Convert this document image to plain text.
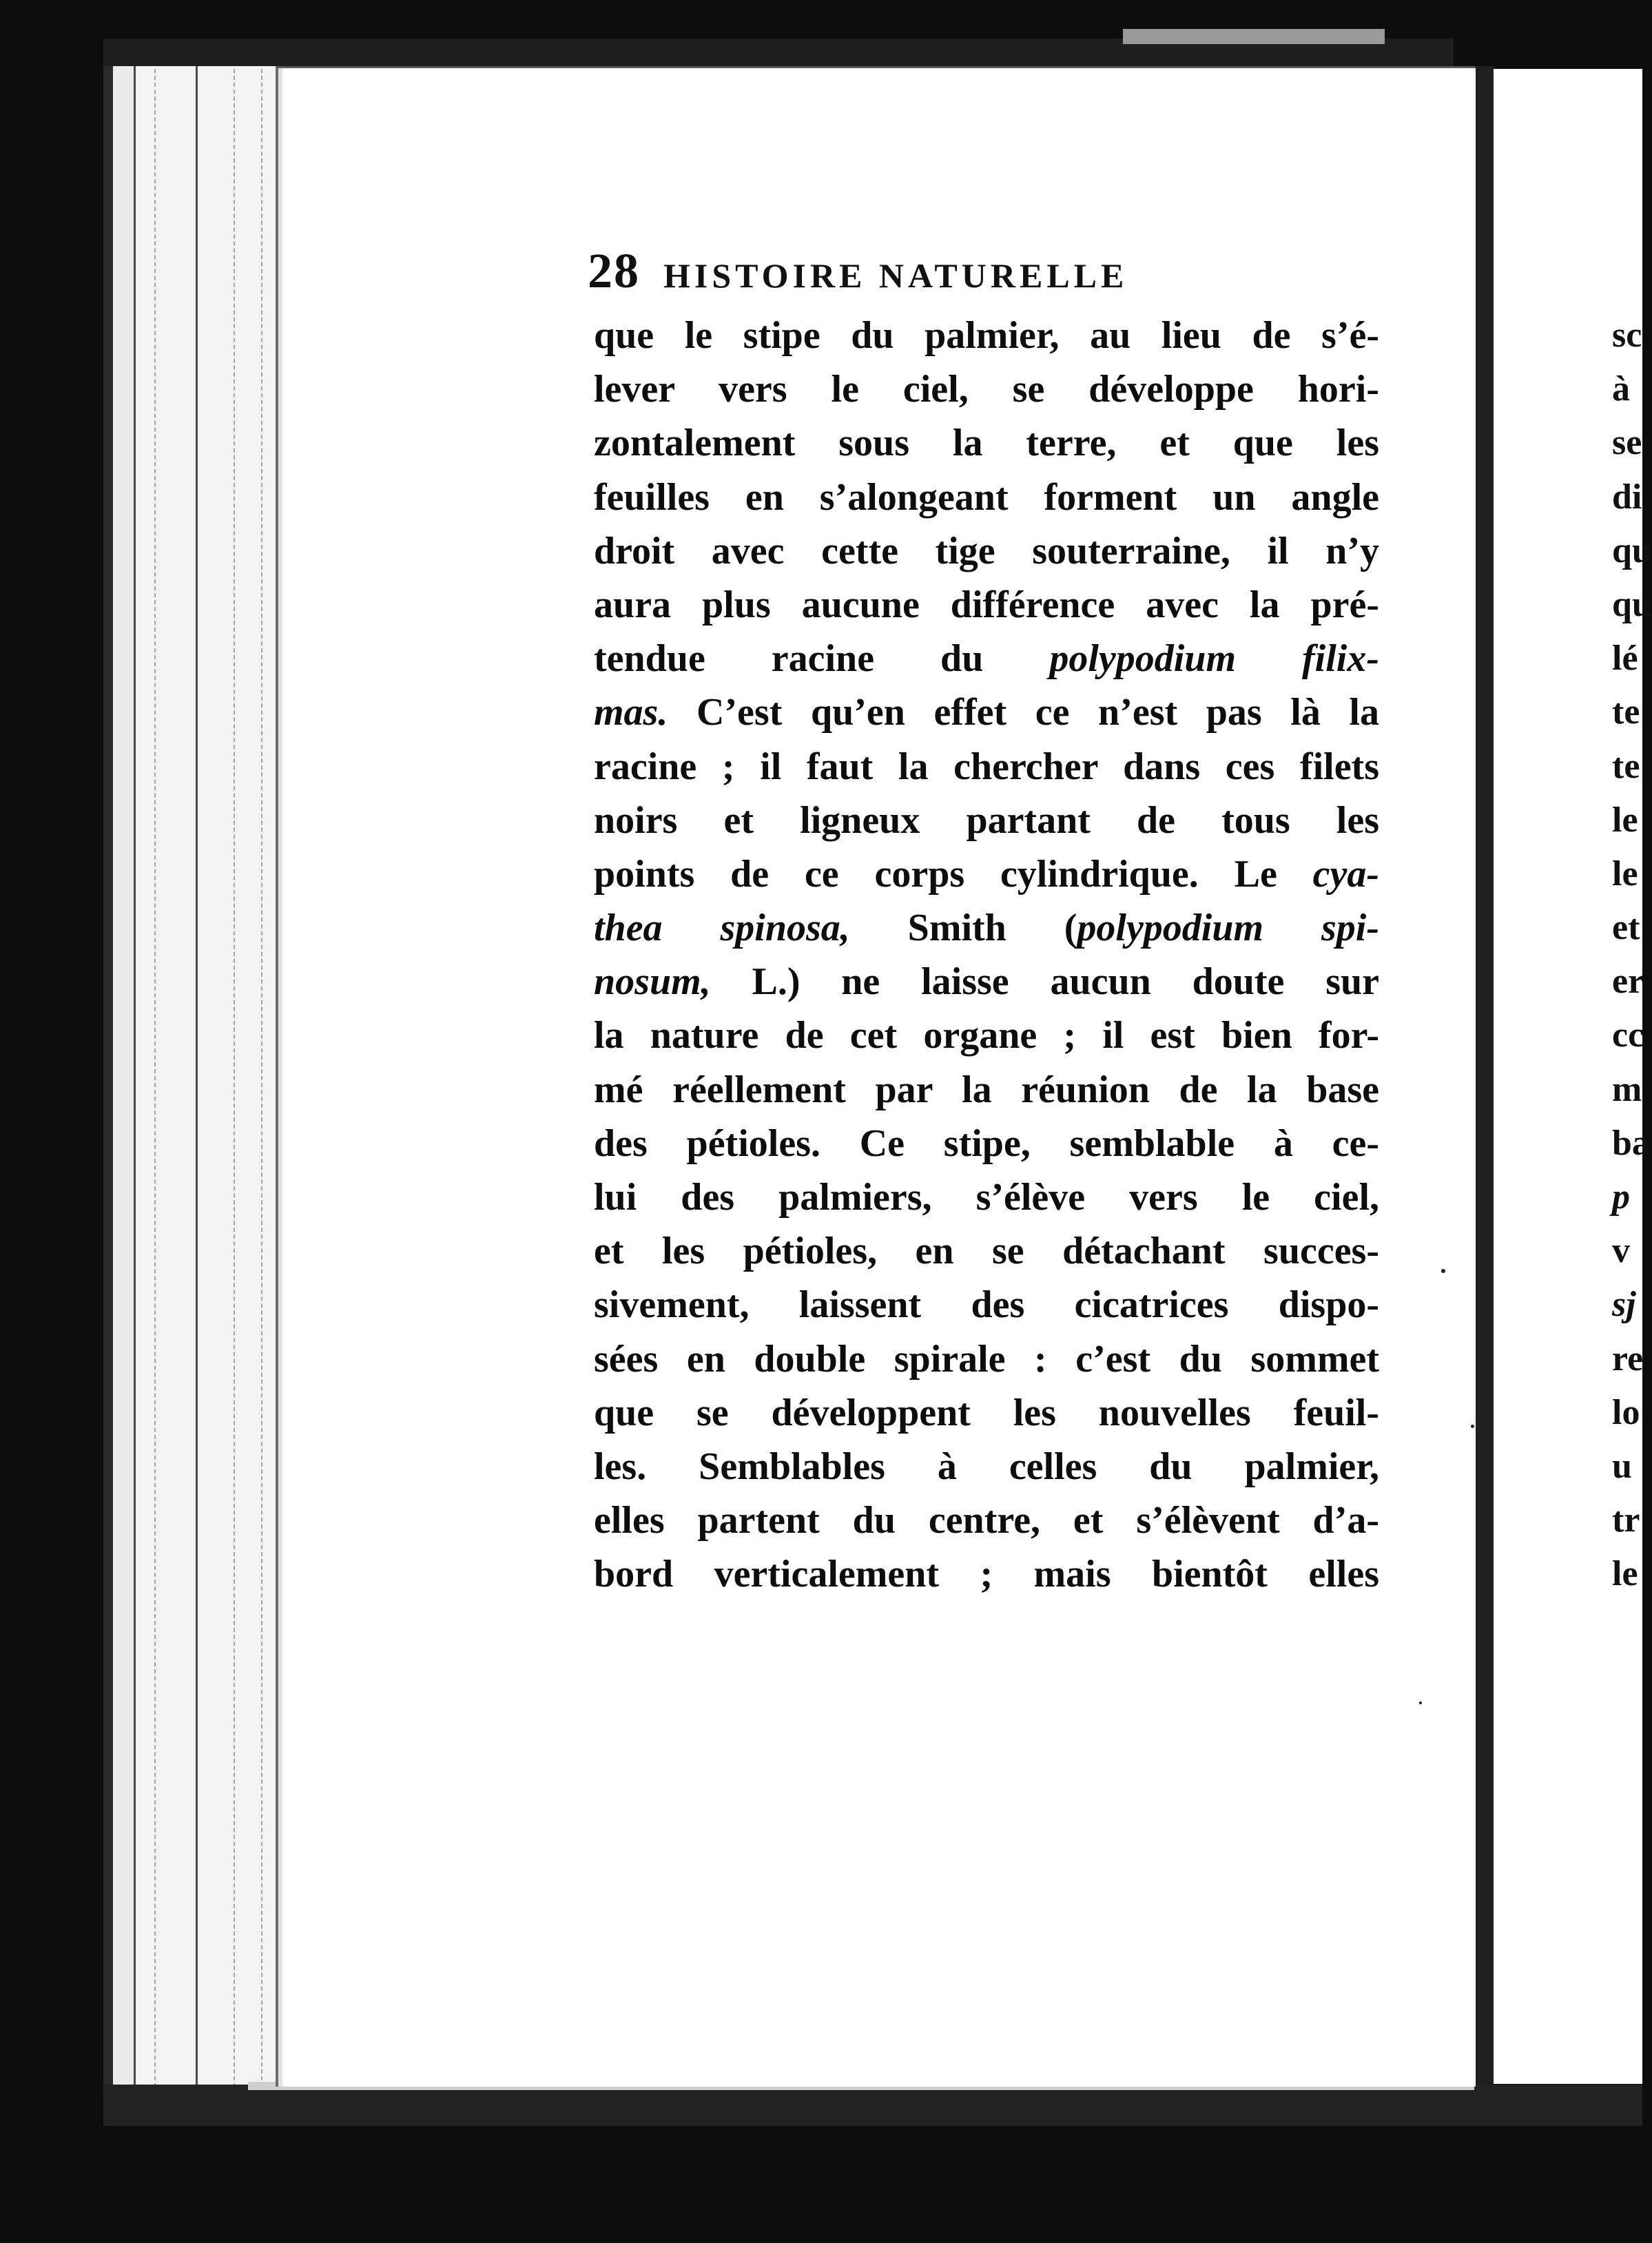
28 HISTOIRE NATURELLE
que le stipe du palmier, au lieu de s’é-
lever vers le ciel, se développe hori-
zontalement sous la terre, et que les
feuilles en s’alongeant forment un angle
droit avec cette tige souterraine, il n’y
aura plus aucune différence avec la pré-
tendue racine du polypodium filix-
mas. C’est qu’en effet ce n’est pas là la
racine ; il faut la chercher dans ces filets
noirs et ligneux partant de tous les
points de ce corps cylindrique. Le cya-
thea spinosa, Smith (polypodium spi-
nosum, L.) ne laisse aucun doute sur
la nature de cet organe ; il est bien for-
mé réellement par la réunion de la base
des pétioles. Ce stipe, semblable à ce-
lui des palmiers, s’élève vers le ciel,
et les pétioles, en se détachant succes-
sivement, laissent des cicatrices dispo-
sées en double spirale : c’est du sommet
que se développent les nouvelles feuil-
les. Semblables à celles du palmier,
elles partent du centre, et s’élèvent d’a-
bord verticalement ; mais bientôt elles
sc
à
se
di
qu
qu
lé
te
te
le
le
et
er
cc
m
ba
p
v
sj
re
lo
u
tr
le
